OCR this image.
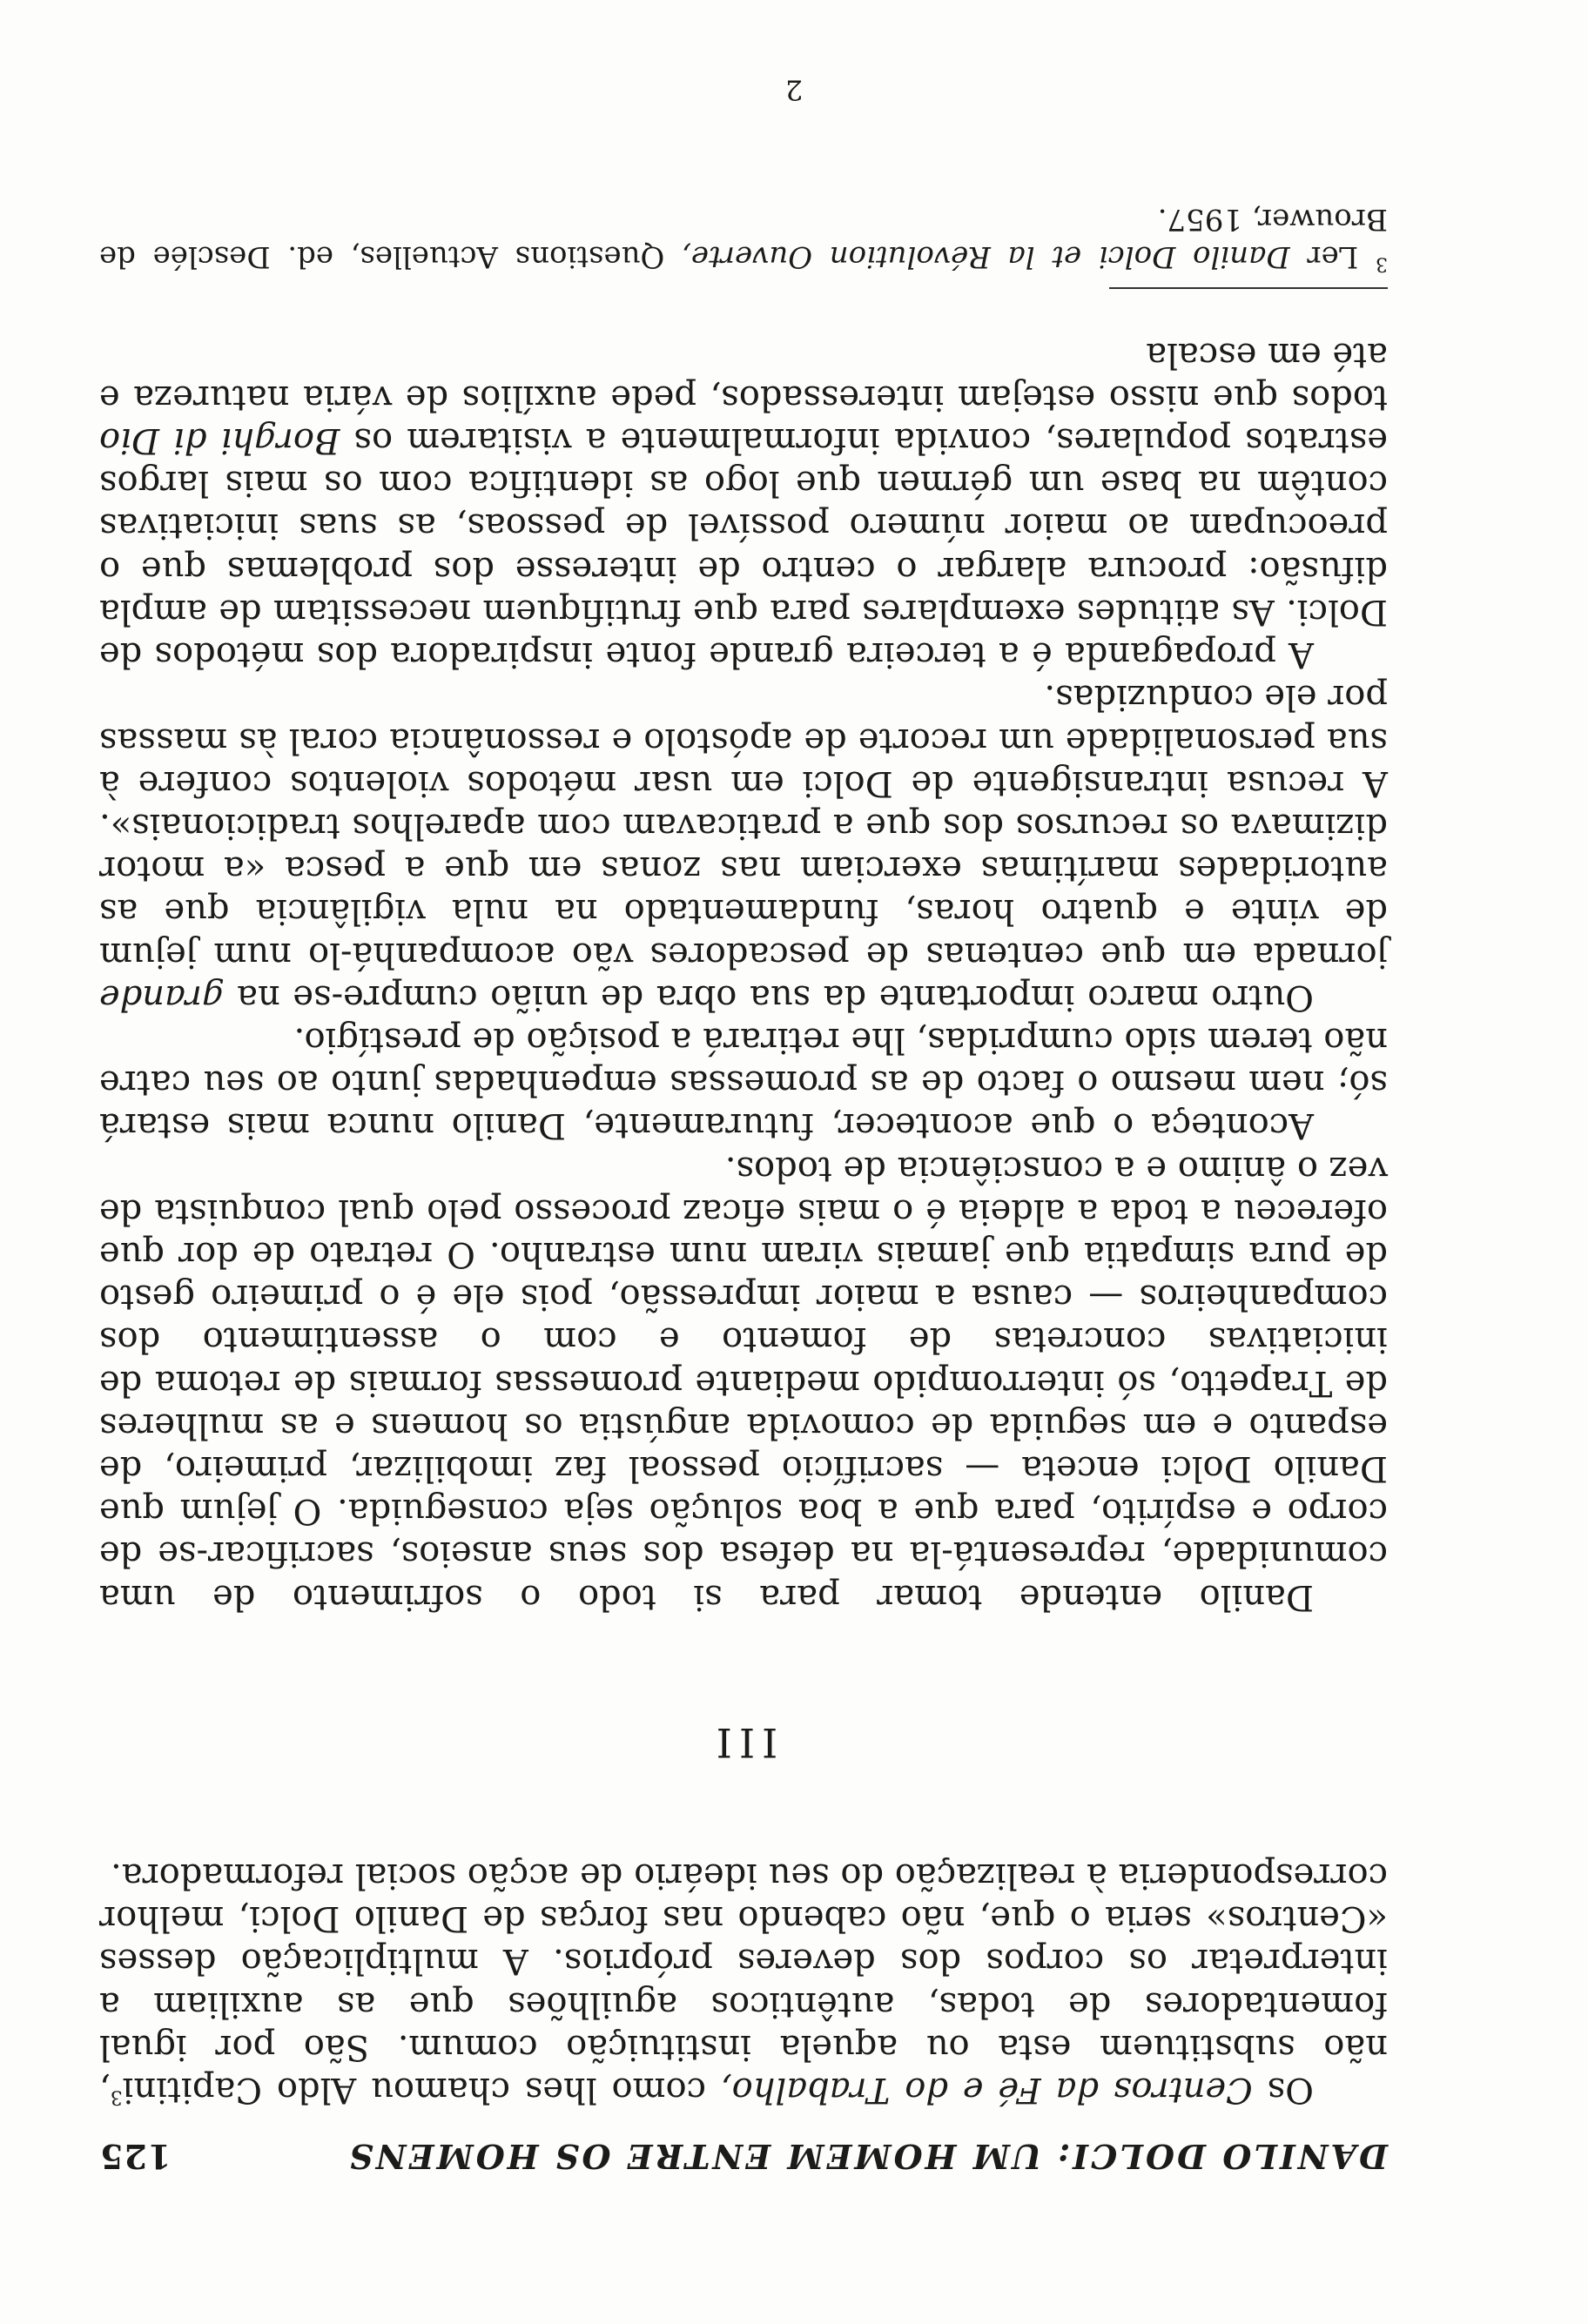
DANILO DOLCI: UM HOMEM ENTRE OS HOMENS
125

Os Centros da Fé e do Trabalho, como lhes chamou Aldo Capitini$^3$, não substituem esta ou aquela instituição comum. São por igual fomentadores de todas, autênticos aguilhões que as auxiliam a interpretar os corpos dos deveres próprios. A multiplicação desses «Centros» seria o que, não cabendo nas forças de Danilo Dolci, melhor corresponderia à realização do seu ideário de acção social reformadora.

III

Danilo entende tomar para si todo o sofrimento de uma comunidade, representá-la na defesa dos seus anseios, sacrificar-se de corpo e espírito, para que a boa solução seja conseguida. O jejum que Danilo Dolci enceta — sacrifício pessoal faz imobilizar, primeiro, de espanto e em seguida de comovida angústia os homens e as mulheres de Trapetto, só interrompido mediante promessas formais de retoma de iniciativas concretas de fomento e com o assentimento dos companheiros — causa a maior impressão, pois ele é o primeiro gesto de pura simpatia que jamais viram num estranho. O retrato de dor que ofereceu a toda a aldeia é o mais eficaz processo pelo qual conquista de vez o ânimo e a consciência de todos.

Aconteça o que acontecer, futuramente, Danilo nunca mais estará só; nem mesmo o facto de as promessas empenhadas junto ao seu catre não terem sido cumpridas, lhe retirará a posição de prestígio.

Outro marco importante da sua obra de união cumpre-se na grande jornada em que centenas de pescadores vão acompanhá-lo num jejum de vinte e quatro horas, fundamentado na nula vigilância que as autoridades marítimas exerciam nas zonas em que a pesca «a motor dizimava os recursos dos que a praticavam com aparelhos tradicionais». A recusa intransigente de Dolci em usar métodos violentos confere à sua personalidade um recorte de apóstolo e ressonância coral às massas por ele conduzidas.

A propaganda é a terceira grande fonte inspiradora dos métodos de Dolci. As atitudes exemplares para que frutifiquem necessitam de ampla difusão: procura alargar o centro de interesse dos problemas que o preocupam ao maior número possível de pessoas, as suas iniciativas contêm na base um gérmen que logo as identifica com os mais largos estratos populares, convida informalmente a visitarem os Borghi di Dio todos que nisso estejam interessados, pede auxílios de vária natureza e até em escala

$^3$ Ler Danilo Dolci et la Révolution Ouverte, Questions Actuelles, ed. Desclée de Brouwer, 1957.
2
